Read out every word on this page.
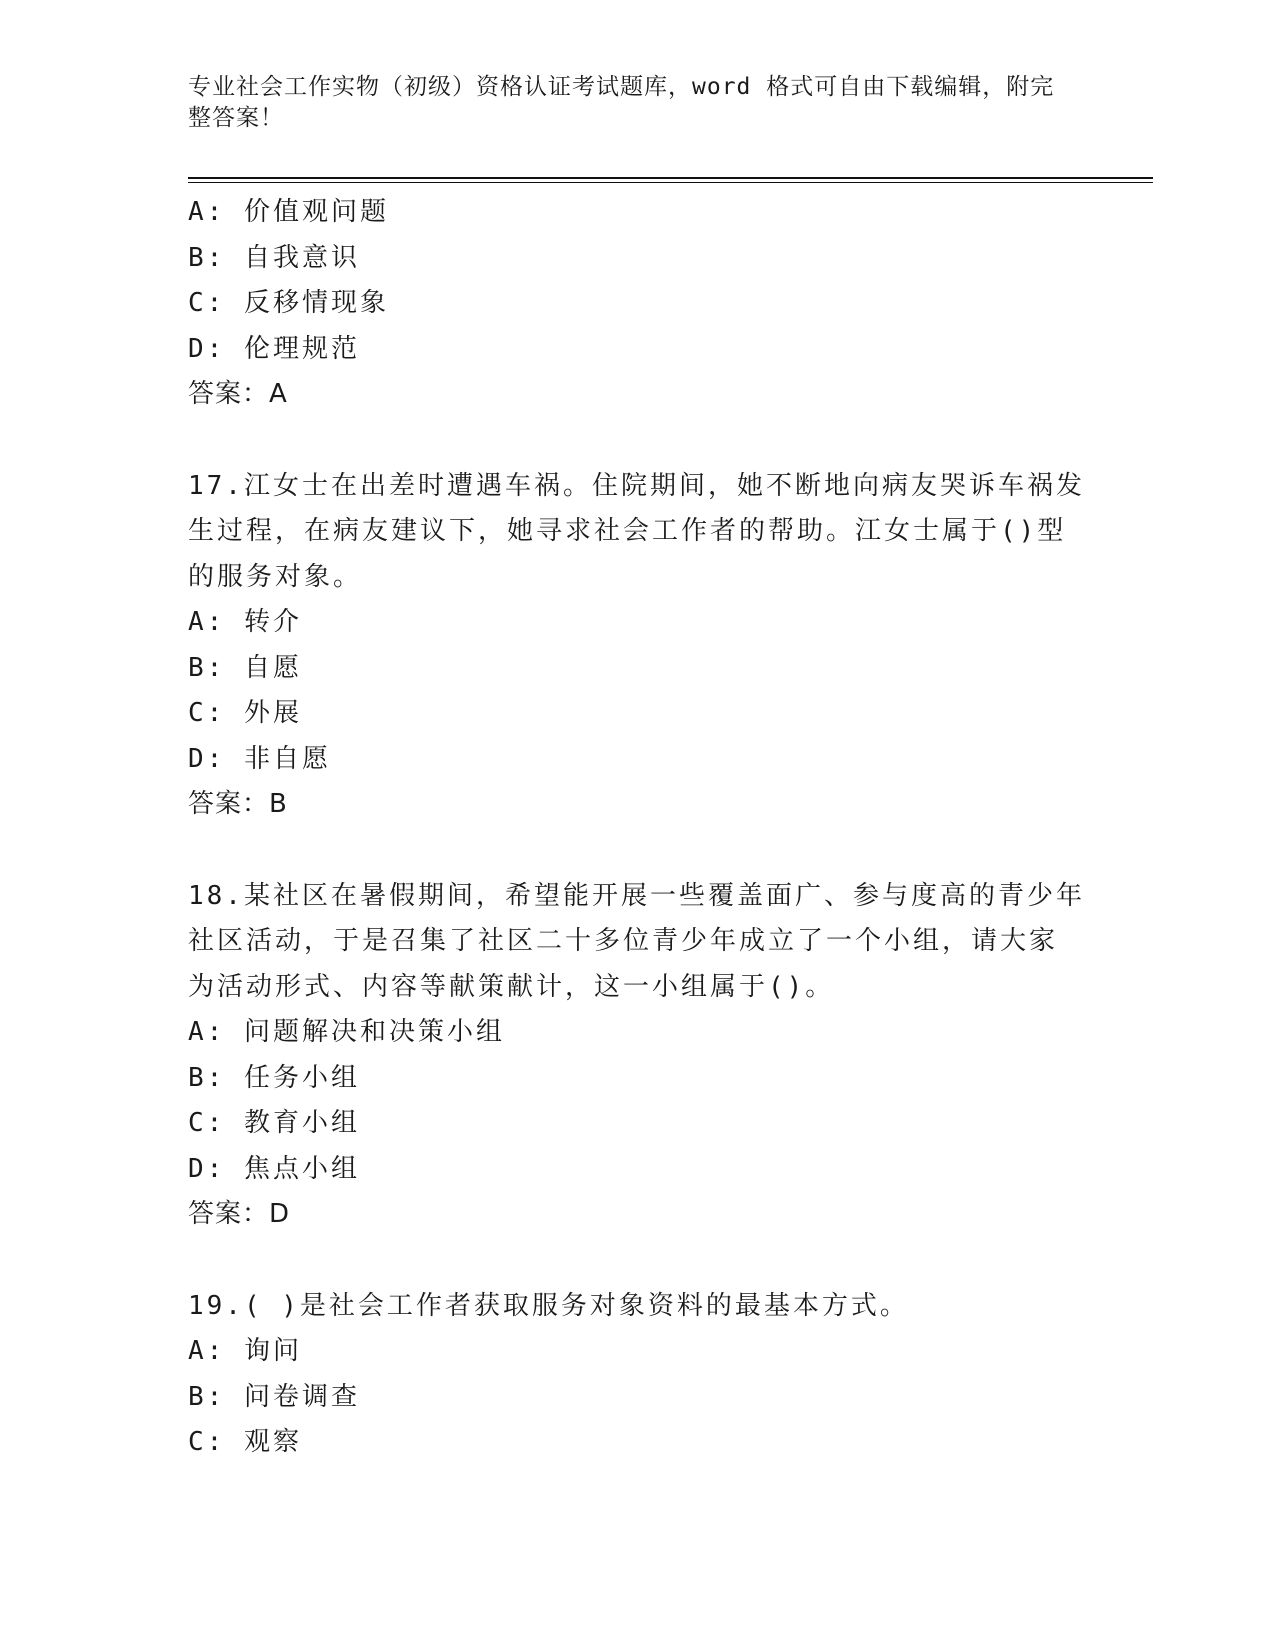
专业社会工作实物（初级）资格认证考试题库，word 格式可自由下载编辑，附完
整答案！
A: 价值观问题
B: 自我意识
C: 反移情现象
D: 伦理规范
答案：A
17.江女士在出差时遭遇车祸。住院期间，她不断地向病友哭诉车祸发
生过程，在病友建议下，她寻求社会工作者的帮助。江女士属于()型
的服务对象。
A: 转介
B: 自愿
C: 外展
D: 非自愿
答案：B
18.某社区在暑假期间，希望能开展一些覆盖面广、参与度高的青少年
社区活动，于是召集了社区二十多位青少年成立了一个小组，请大家
为活动形式、内容等献策献计，这一小组属于()。
A: 问题解决和决策小组
B: 任务小组
C: 教育小组
D: 焦点小组
答案：D
19.( )是社会工作者获取服务对象资料的最基本方式。
A: 询问
B: 问卷调查
C: 观察
